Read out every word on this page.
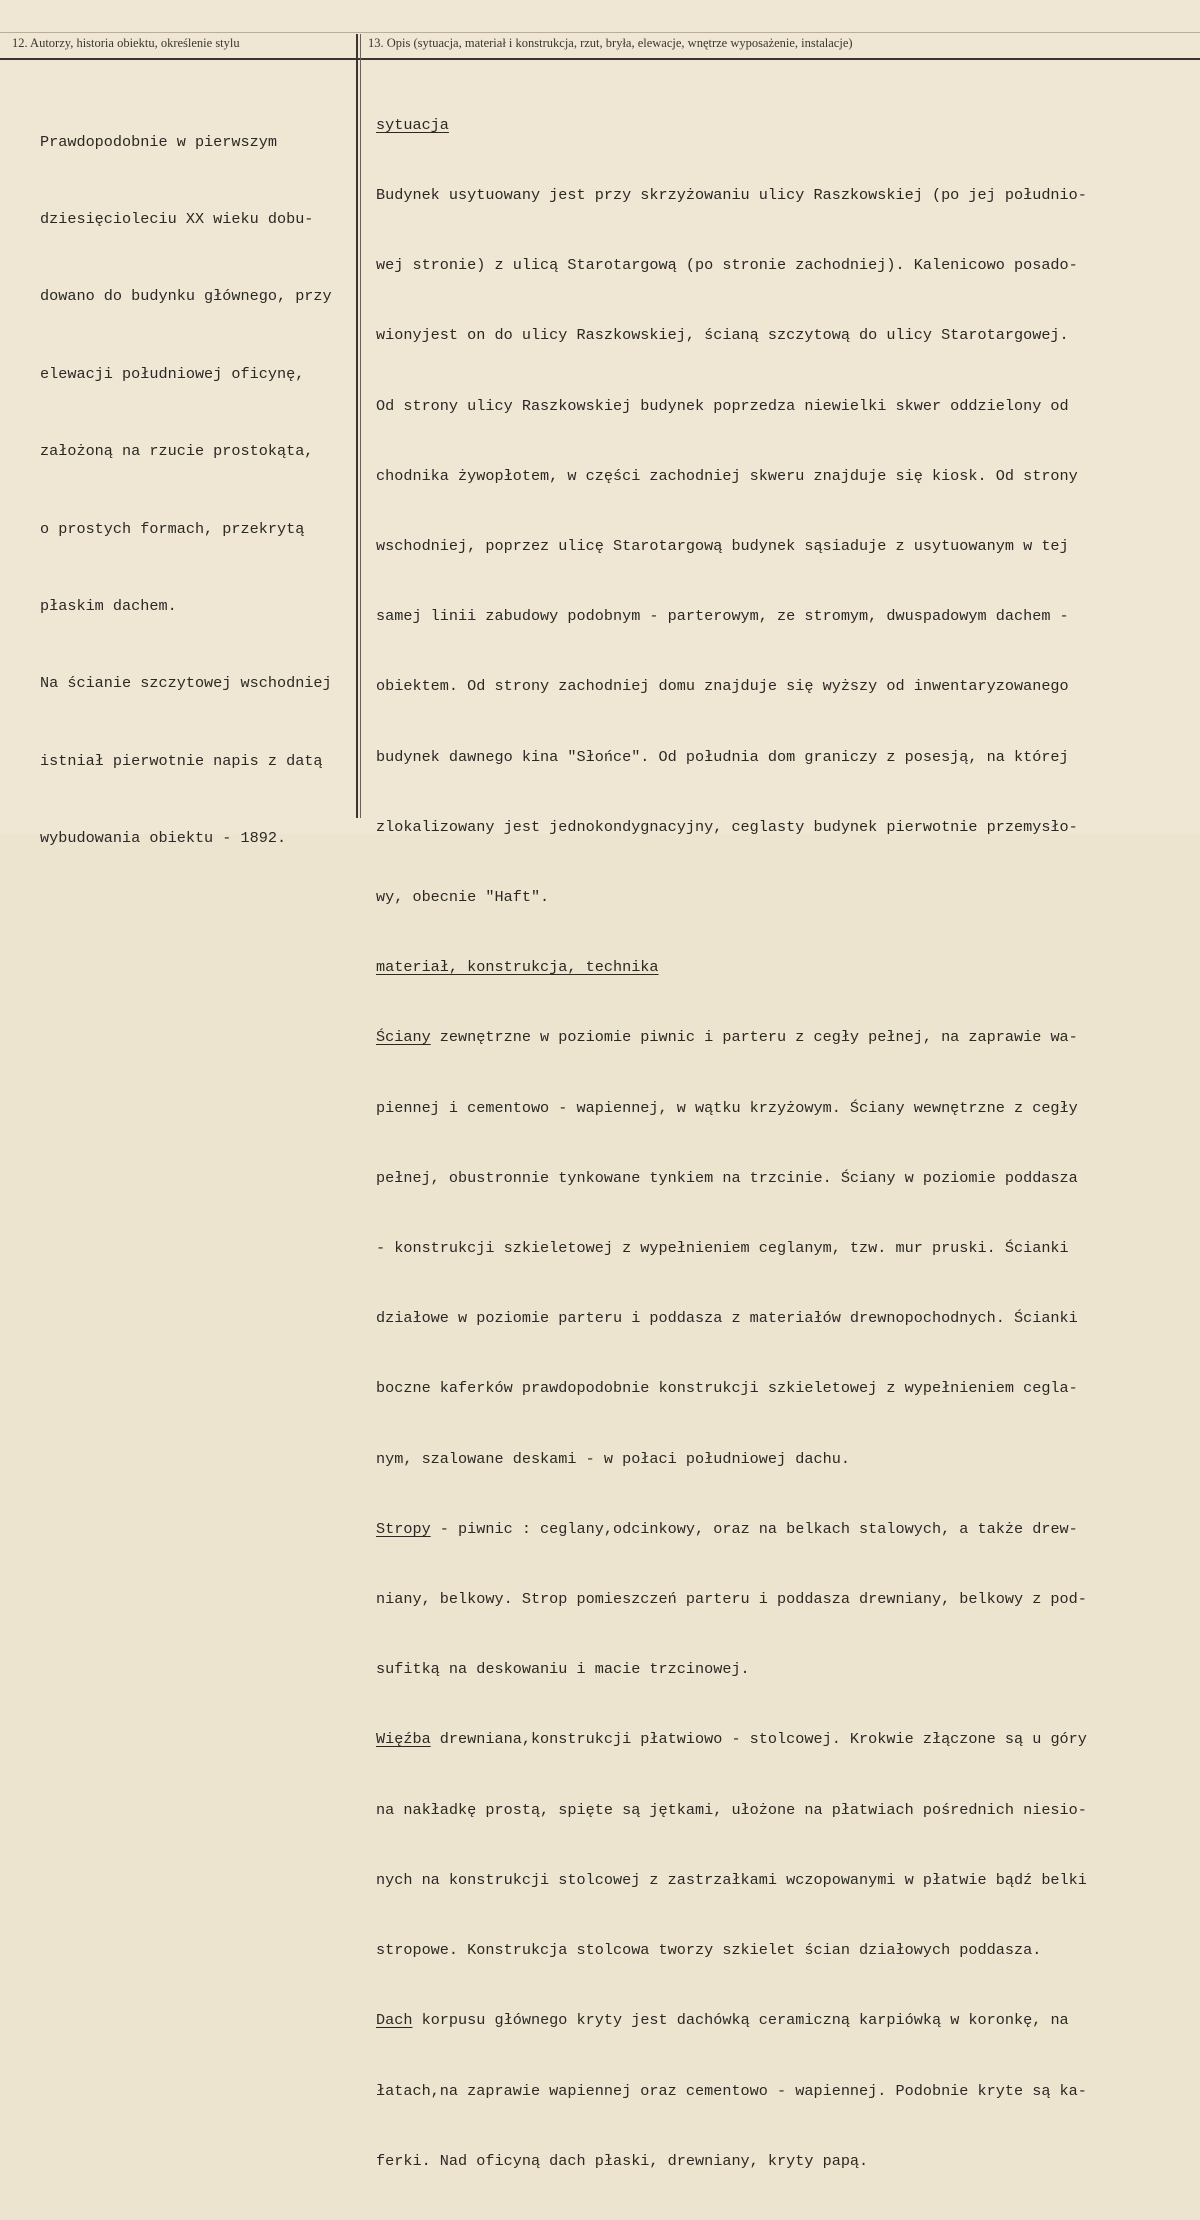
12. Autorzy, historia obiektu, określenie stylu	13. Opis (sytuacja, materiał i konstrukcja, rzut, bryła, elewacje, wnętrze wyposażenie, instalacje)

Prawdopodobnie w pierwszym

dziesięcioleciu XX wieku dobu-

dowano do budynku głównego, przy

elewacji południowej oficynę,

założoną na rzucie prostokąta,

o prostych formach, przekrytą

płaskim dachem.

Na ścianie szczytowej wschodniej

istniał pierwotnie napis z datą

wybudowania obiektu - 1892.

sytuacja

Budynek usytuowany jest przy skrzyżowaniu ulicy Raszkowskiej (po jej południo-

wej stronie) z ulicą Starotargową (po stronie zachodniej). Kalenicowo posado-

wionyjest on do ulicy Raszkowskiej, ścianą szczytową do ulicy Starotargowej.

Od strony ulicy Raszkowskiej budynek poprzedza niewielki skwer oddzielony od

chodnika żywopłotem, w części zachodniej skweru znajduje się kiosk. Od strony

wschodniej, poprzez ulicę Starotargową budynek sąsiaduje z usytuowanym w tej

samej linii zabudowy podobnym - parterowym, ze stromym, dwuspadowym dachem -

obiektem. Od strony zachodniej domu znajduje się wyższy od inwentaryzowanego

budynek dawnego kina "Słońce". Od południa dom graniczy z posesją, na której

zlokalizowany jest jednokondygnacyjny, ceglasty budynek pierwotnie przemysło-

wy, obecnie "Haft".

materiał, konstrukcja, technika

Ściany zewnętrzne w poziomie piwnic i parteru z cegły pełnej, na zaprawie wa-

piennej i cementowo - wapiennej, w wątku krzyżowym. Ściany wewnętrzne z cegły

pełnej, obustronnie tynkowane tynkiem na trzcinie. Ściany w poziomie poddasza

- konstrukcji szkieletowej z wypełnieniem ceglanym, tzw. mur pruski. Ścianki

działowe w poziomie parteru i poddasza z materiałów drewnopochodnych. Ścianki

boczne kaferków prawdopodobnie konstrukcji szkieletowej z wypełnieniem cegla-

nym, szalowane deskami - w połaci południowej dachu.

Stropy - piwnic : ceglany,odcinkowy, oraz na belkach stalowych, a także drew-

niany, belkowy. Strop pomieszczeń parteru i poddasza drewniany, belkowy z pod-

sufitką na deskowaniu i macie trzcinowej.

Więźba drewniana,konstrukcji płatwiowo - stolcowej. Krokwie złączone są u góry

na nakładkę prostą, spięte są jętkami, ułożone na płatwiach pośrednich niesio-

nych na konstrukcji stolcowej z zastrzałkami wczopowanymi w płatwie bądź belki

stropowe. Konstrukcja stolcowa tworzy szkielet ścian działowych poddasza.

Dach korpusu głównego kryty jest dachówką ceramiczną karpiówką w koronkę, na

łatach,na zaprawie wapiennej oraz cementowo - wapiennej. Podobnie kryte są ka-

ferki. Nad oficyną dach płaski, drewniany, kryty papą.
